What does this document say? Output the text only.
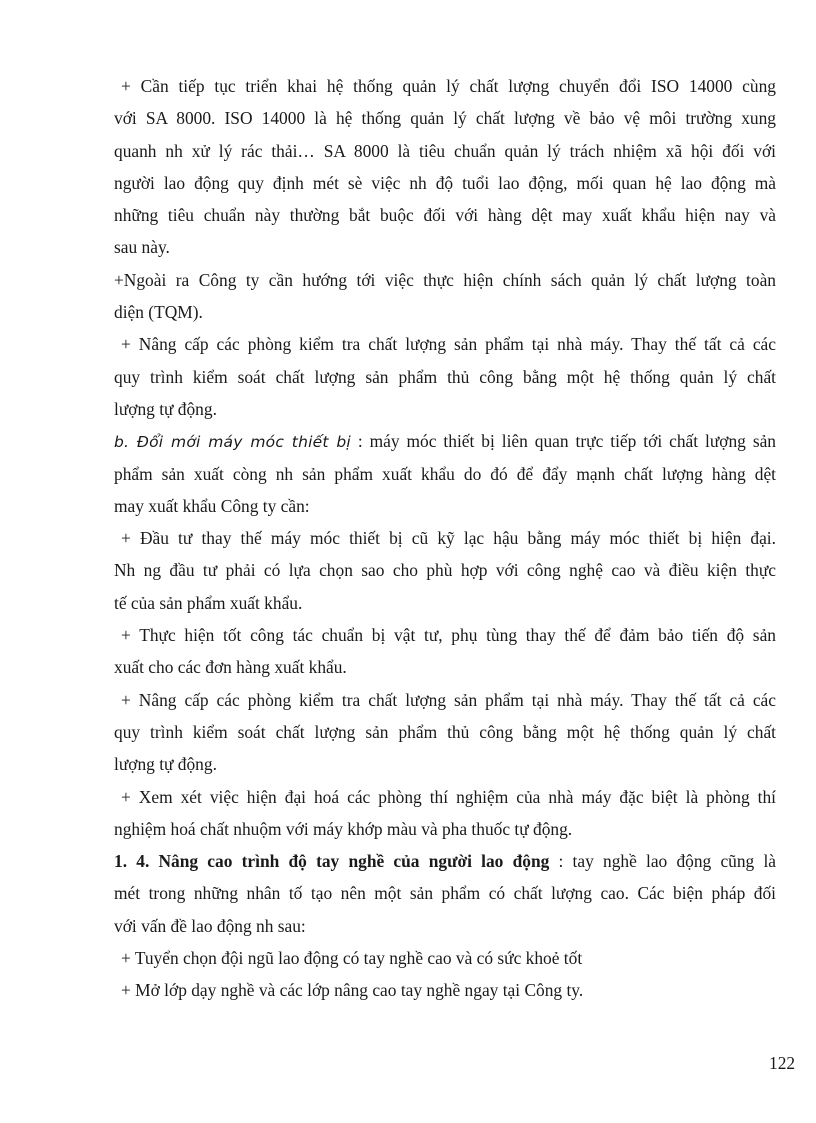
+ Cần tiếp tục triển khai hệ thống quản lý chất lượng chuyển đổi ISO 14000 cùng
với SA 8000. ISO 14000 là hệ thống quản lý chất lượng về bảo vệ môi trường xung
quanh nh xử lý rác thải… SA 8000 là tiêu chuẩn quản lý trách nhiệm xã hội đối với
người lao động quy định mét sè việc nh độ tuổi lao động, mối quan hệ lao động mà
những tiêu chuẩn này thường bắt buộc đối với hàng dệt may xuất khẩu hiện nay và
sau này.
+Ngoài ra Công ty cần hướng tới việc thực hiện chính sách quản lý chất lượng toàn
diện (TQM).
+ Nâng cấp các phòng kiểm tra chất lượng sản phẩm tại nhà máy. Thay thế tất cả các
quy trình kiểm soát chất lượng sản phẩm thủ công bằng một hệ thống quản lý chất
lượng tự động.
b. Đổi mới máy móc thiết bị : máy móc thiết bị liên quan trực tiếp tới chất lượng sản
phẩm sản xuất còng nh sản phẩm xuất khẩu do đó để đẩy mạnh chất lượng hàng dệt
may xuất khẩu Công ty cần:
+ Đầu tư thay thế máy móc thiết bị cũ kỹ lạc hậu bằng máy móc thiết bị hiện đại.
Nh ng đầu tư phải có lựa chọn sao cho phù hợp với công nghệ cao và điều kiện thực
tế của sản phẩm xuất khẩu.
+ Thực hiện tốt công tác chuẩn bị vật tư, phụ tùng thay thế để đảm bảo tiến độ sản
xuất cho các đơn hàng xuất khẩu.
+ Nâng cấp các phòng kiểm tra chất lượng sản phẩm tại nhà máy. Thay thế tất cả các
quy trình kiểm soát chất lượng sản phẩm thủ công bằng một hệ thống quản lý chất
lượng tự động.
+ Xem xét việc hiện đại hoá các phòng thí nghiệm của nhà máy đặc biệt là phòng thí
nghiệm hoá chất nhuộm với máy khớp màu và pha thuốc tự động.
1. 4. Nâng cao trình độ tay nghề của người lao động : tay nghề lao động cũng là
mét trong những nhân tố tạo nên một sản phẩm có chất lượng cao. Các biện pháp đối
với vấn đề lao động nh sau:
+ Tuyển chọn đội ngũ lao động có tay nghề cao và có sức khoẻ tốt
+ Mở lớp dạy nghề và các lớp nâng cao tay nghề ngay tại Công ty.
122
